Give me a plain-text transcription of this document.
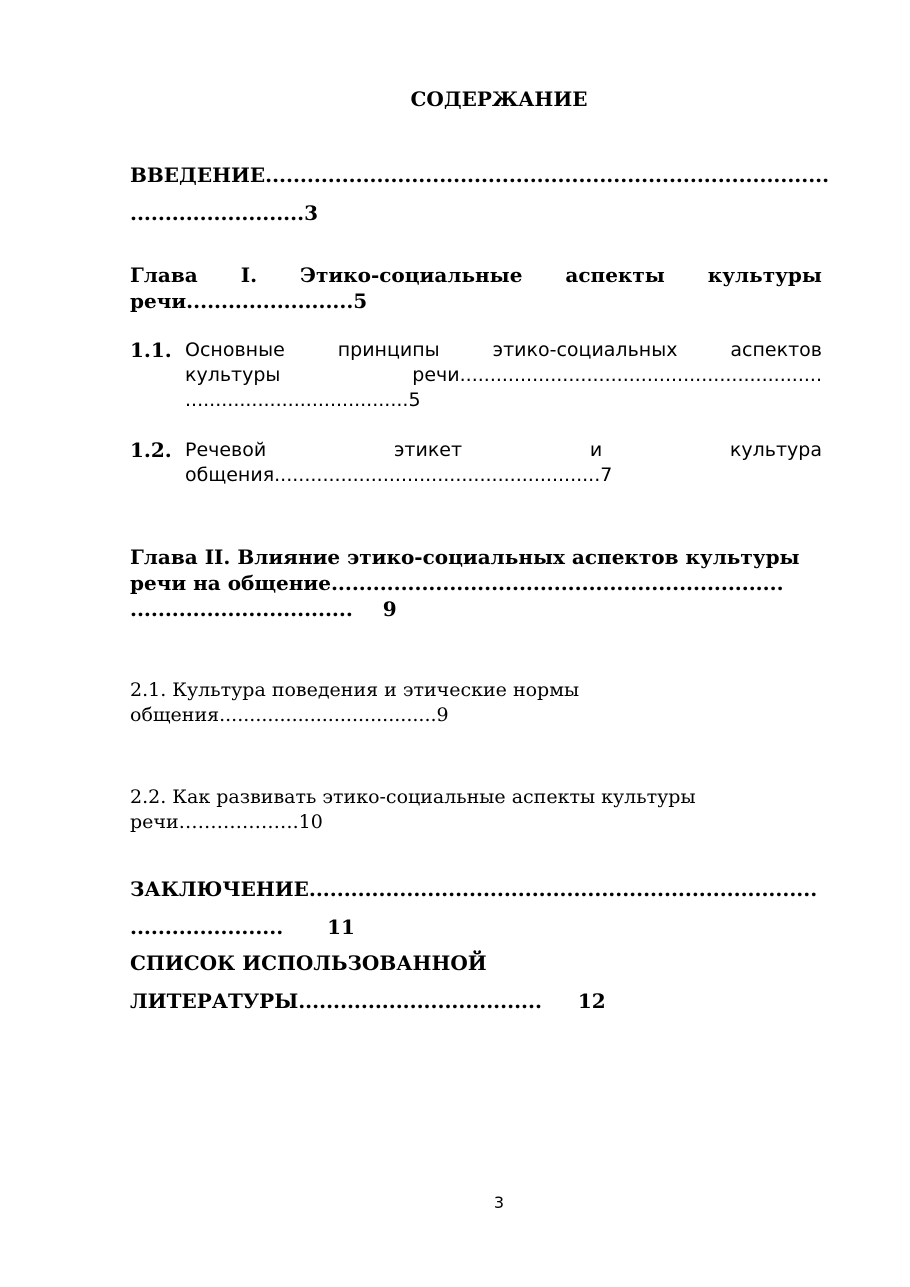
СОДЕРЖАНИЕ
ВВЕДЕНИЕ.................................................................................
.........................3
Глава I. Этико-социальные аспекты культуры
речи........................5
1.1. Основные	принципы	этико-социальных	аспектов
культуры	речи............................................................
.....................................5
1.2. Речевой	этикет	и	культура
общения......................................................7
Глава II. Влияние этико-социальных аспектов культуры
речи на общение.................................................................
................................ 9
2.1. Культура поведения и этические нормы
общения....................................9
2.2. Как развивать этико-социальные аспекты культуры
речи……………….10
ЗАКЛЮЧЕНИЕ.........................................................................
...................... 11
СПИСОК ИСПОЛЬЗОВАННОЙ
ЛИТЕРАТУРЫ................................... 12
3
